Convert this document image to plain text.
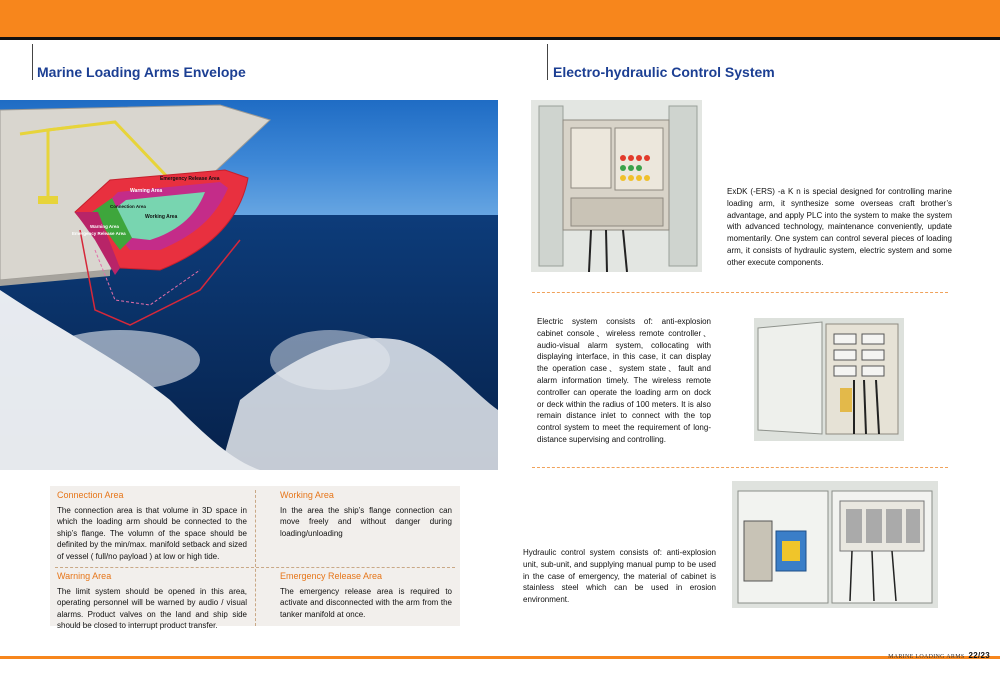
Marine Loading Arms Envelope
Emergency Release Area
Warning Area
Connection Area
Working Area
Warning Area
Emergency Release Area
Connection Area

The connection area is that volume in 3D space in which the loading arm should be connected to the ship’s flange. The volumn of the space should be definited by the min/max. manifold setback and sized of vessel ( full/no payload ) at low or high tide.

Working Area

In the area the ship’s flange connection can move freely and without danger during loading/unloading

Warning Area

The limit system should be opened in this area, operating personnel will be warned by audio / visual alarms. Product valves on the land and ship side should be closed to interrupt product transfer.

Emergency Release Area

The emergency release area is required to activate and disconnected with the arm from the tanker manifold at once.

Electro-hydraulic Control System
ExDK (-ERS) -a K n is special designed for controlling marine loading arm, it synthesize some overseas craft brother’s advantage, and apply PLC into the system to make the system with advanced technology, maintenance conveniently, update momentarily. One system can control several pieces of loading arm, it consists of hydraulic system, electric system and some other execute components.
Electric system consists of: anti-explosion cabinet console、wireless remote controller、audio-visual alarm system, collocating with displaying interface, in this case, it can display the operation case、system state、fault and alarm information timely. The wireless remote controller can operate the loading arm on dock or deck within the radius of 100 meters. It is also remain distance inlet to connect with the top control system to meet the requirement of long-distance supervising and controlling.
Hydraulic control system consists of: anti-explosion unit, sub-unit, and supplying manual pump to be used in the case of emergency, the material of cabinet is stainless steel which can be used in erosion environment.
MARINE LOADING ARMS 22/23
